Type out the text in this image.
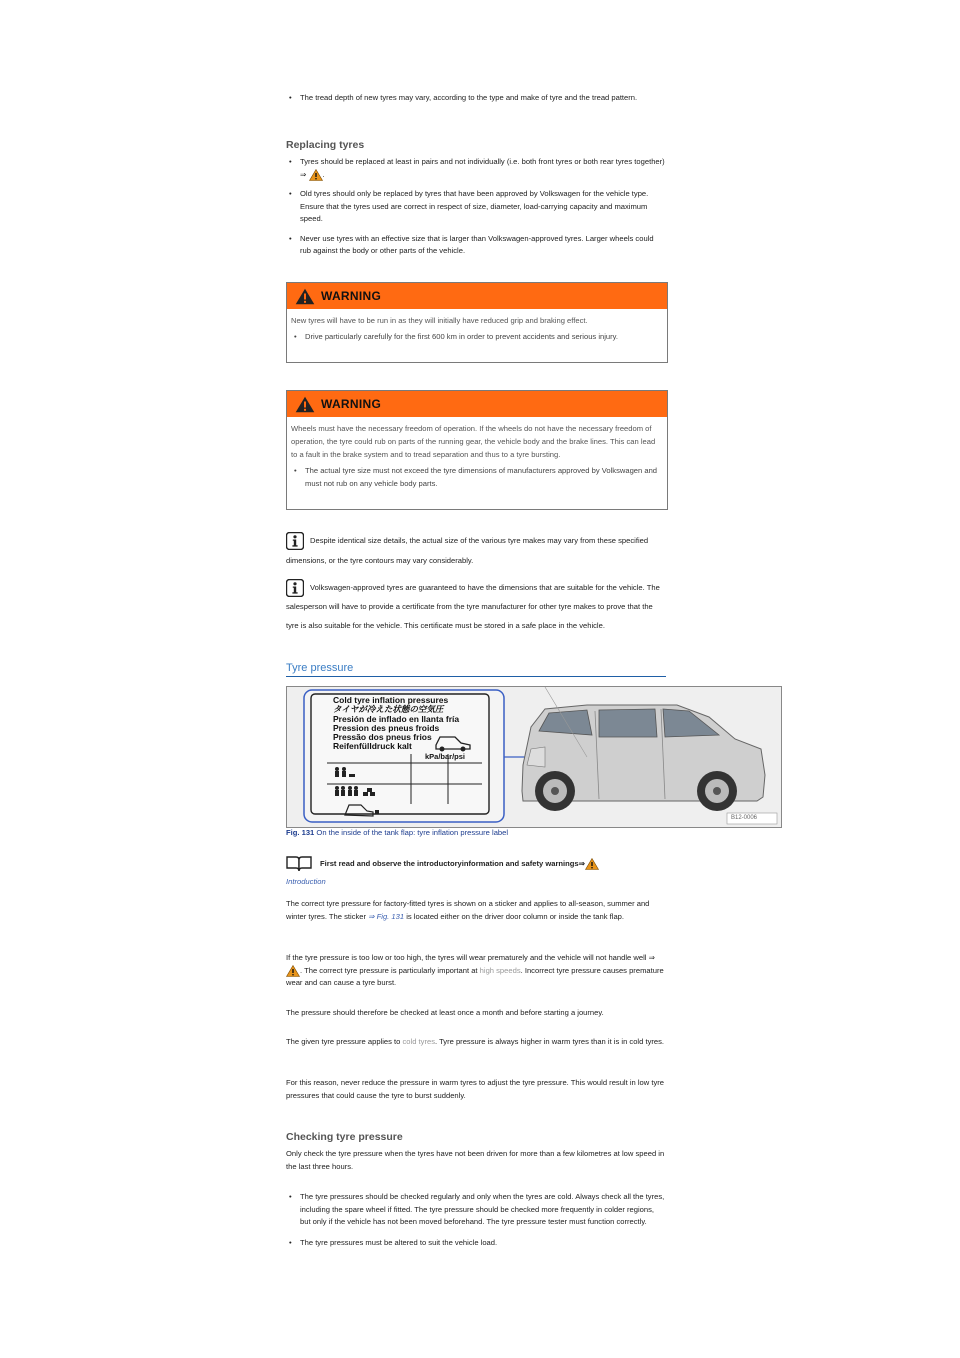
• The tread depth of new tyres may vary, according to the type and make of tyre and the tread pattern.
Replacing tyres
• Tyres should be replaced at least in pairs and not individually (i.e. both front tyres or both rear tyres together) ⇒ .
• Old tyres should only be replaced by tyres that have been approved by Volkswagen for the vehicle type. Ensure that the tyres used are correct in respect of size, diameter, load-carrying capacity and maximum speed.
• Never use tyres with an effective size that is larger than Volkswagen-approved tyres. Larger wheels could rub against the body or other parts of the vehicle.
WARNING
New tyres will have to be run in as they will initially have reduced grip and braking effect.
• Drive particularly carefully for the first 600 km in order to prevent accidents and serious injury.
WARNING
Wheels must have the necessary freedom of operation. If the wheels do not have the necessary freedom of operation, the tyre could rub on parts of the running gear, the vehicle body and the brake lines. This can lead to a fault in the brake system and to tread separation and thus to a tyre bursting.
• The actual tyre size must not exceed the tyre dimensions of manufacturers approved by Volkswagen and must not rub on any vehicle body parts.

Despite identical size details, the actual size of the various tyre makes may vary from these specified dimensions, or the tyre contours may vary considerably.

Volkswagen-approved tyres are guaranteed to have the dimensions that are suitable for the vehicle. The salesperson will have to provide a certificate from the tyre manufacturer for other tyre makes to prove that the tyre is also suitable for the vehicle. This certificate must be stored in a safe place in the vehicle.

Tyre pressure
Cold tyre inflation pressures
タイヤが冷えた状態の空気圧
Presión de inflado en llanta fría
Pression des pneus froids
Pressão dos pneus frios
Reifenfülldruck kalt
kPa/bar/psi
B12-0006
Fig. 131 On the inside of the tank flap: tyre inflation pressure label

First read and observe the introductoryinformation and safety warnings⇒

Introduction

The correct tyre pressure for factory-fitted tyres is shown on a sticker and applies to all-season, summer and winter tyres. The sticker ⇒ Fig. 131 is located either on the driver door column or inside the tank flap.

If the tyre pressure is too low or too high, the tyres will wear prematurely and the vehicle will not handle well ⇒. The correct tyre pressure is particularly important at high speeds. Incorrect tyre pressure causes premature wear and can cause a tyre burst.

The pressure should therefore be checked at least once a month and before starting a journey.

The given tyre pressure applies to cold tyres. Tyre pressure is always higher in warm tyres than it is in cold tyres.

For this reason, never reduce the pressure in warm tyres to adjust the tyre pressure. This would result in low tyre pressures that could cause the tyre to burst suddenly.

Checking tyre pressure

Only check the tyre pressure when the tyres have not been driven for more than a few kilometres at low speed in the last three hours.

• The tyre pressures should be checked regularly and only when the tyres are cold. Always check all the tyres, including the spare wheel if fitted. The tyre pressure should be checked more frequently in colder regions, but only if the vehicle has not been moved beforehand. The tyre pressure tester must function correctly.
• The tyre pressures must be altered to suit the vehicle load.
